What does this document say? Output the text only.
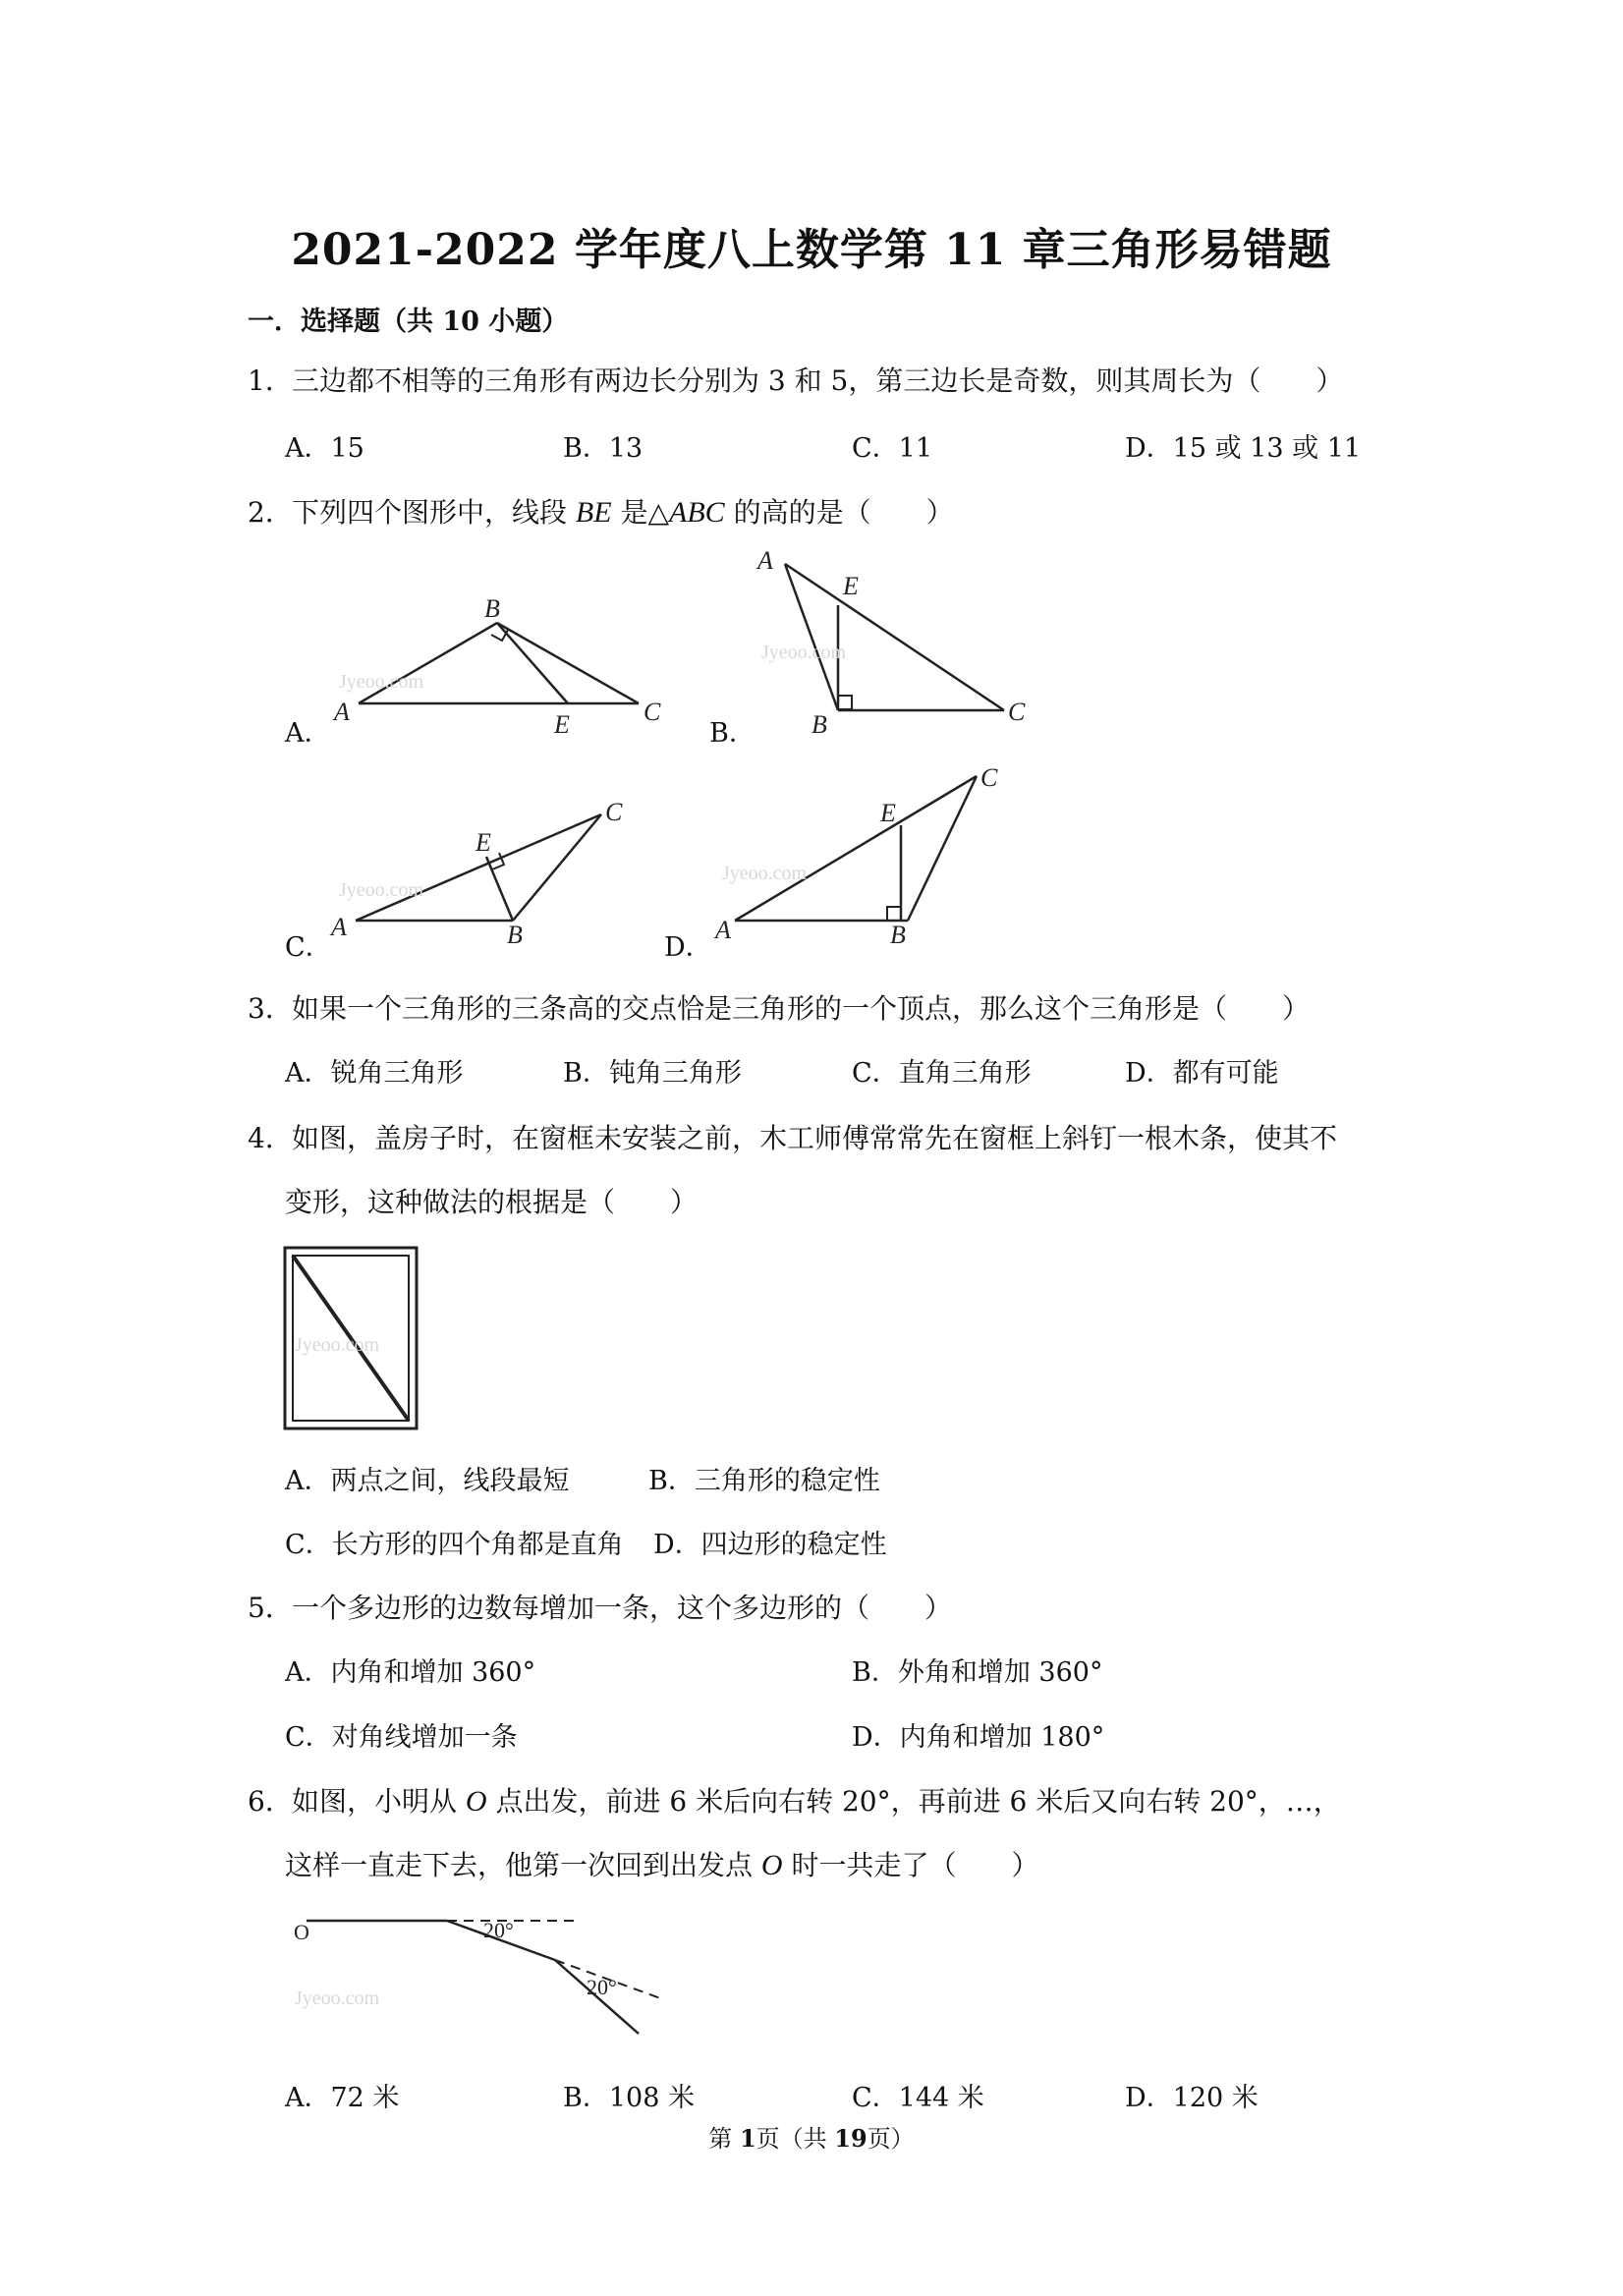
2021-2022 学年度八上数学第 11 章三角形易错题
一．选择题（共 10 小题）
1． 三边都不相等的三角形有两边长分别为 3 和 5，第三边长是奇数，则其周长为（　　）
A．15	B．13	C．11	D．15 或 13 或 11
2． 下列四个图形中，线段 BE 是△ABC 的高的是（　　）
A．	B．
C．	D．
A
B
C
E
Jyeoo.com
A
E
B	C
Jyeoo.com
A
E
B
C
Jyeoo.com
A
E
B
C
Jyeoo.com
3． 如果一个三角形的三条高的交点恰是三角形的一个顶点，那么这个三角形是（　　）
A．锐角三角形	B．钝角三角形	C．直角三角形	D．都有可能
4． 如图，盖房子时，在窗框未安装之前，木工师傅常常先在窗框上斜钉一根木条，使其不
变形，这种做法的根据是（　　）
Jyeoo.com
A．两点之间，线段最短	B．三角形的稳定性
C．长方形的四个角都是直角 D．四边形的稳定性
5． 一个多边形的边数每增加一条，这个多边形的（　　）
A．内角和增加 360°	B．外角和增加 360°
C．对角线增加一条	D．内角和增加 180°
6． 如图，小明从 O 点出发，前进 6 米后向右转 20°，再前进 6 米后又向右转 20°，…，
这样一直走下去，他第一次回到出发点 O 时一共走了（　　）
O	20°
20°
Jyeoo.com
A．72 米	B．108 米	C．144 米	D．120 米
第 1页（共 19页）
